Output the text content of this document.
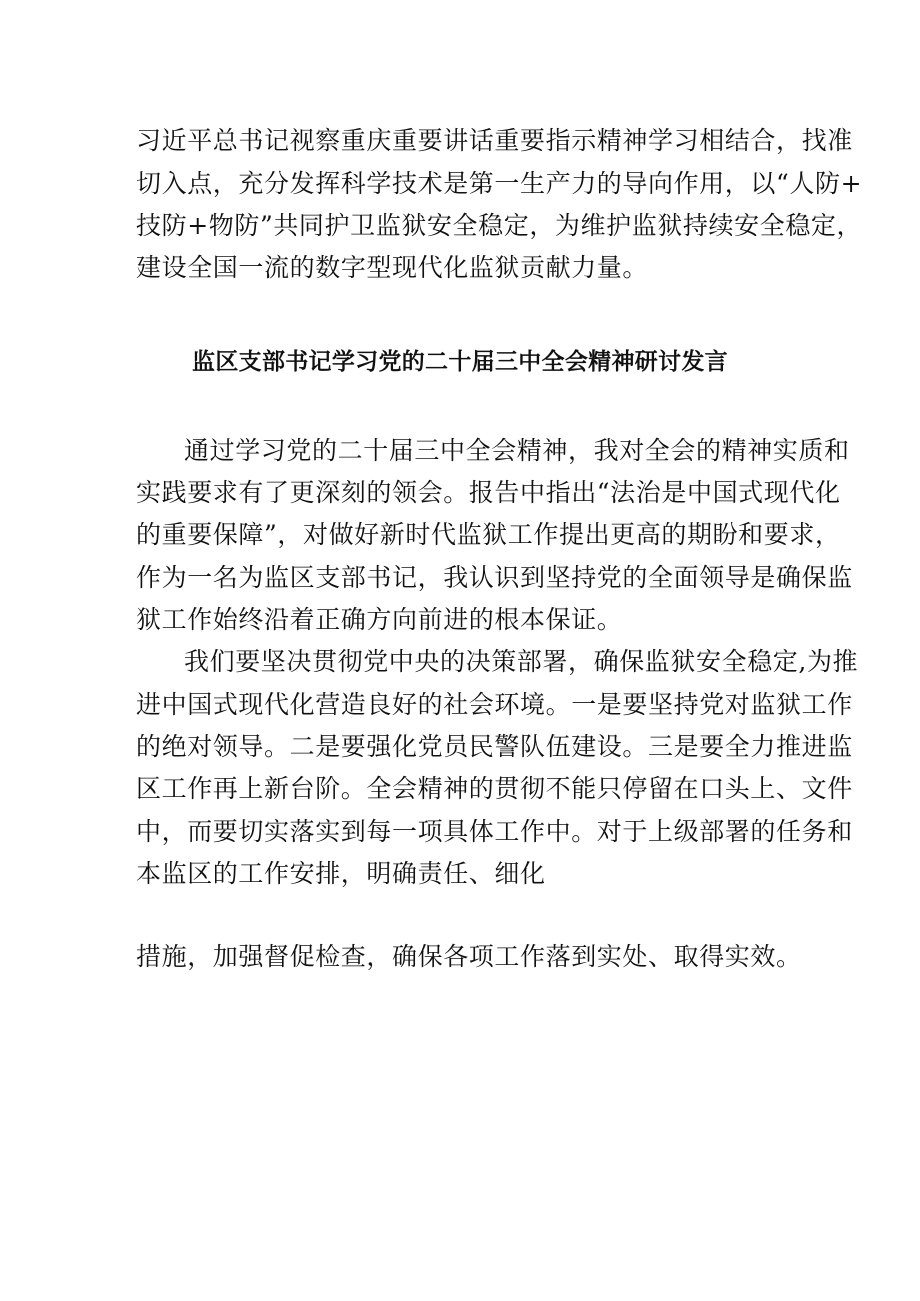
习近平总书记视察重庆重要讲话重要指示精神学习相结合，找准
切入点，充分发挥科学技术是第一生产力的导向作用，以“人防+
技防+物防”共同护卫监狱安全稳定，为维护监狱持续安全稳定，
建设全国一流的数字型现代化监狱贡献力量。
监区支部书记学习党的二十届三中全会精神研讨发言
通过学习党的二十届三中全会精神，我对全会的精神实质和
实践要求有了更深刻的领会。报告中指出“法治是中国式现代化
的重要保障”，对做好新时代监狱工作提出更高的期盼和要求，
作为一名为监区支部书记，我认识到坚持党的全面领导是确保监
狱工作始终沿着正确方向前进的根本保证。
我们要坚决贯彻党中央的决策部署，确保监狱安全稳定,为推
进中国式现代化营造良好的社会环境。一是要坚持党对监狱工作
的绝对领导。二是要强化党员民警队伍建设。三是要全力推进监
区工作再上新台阶。全会精神的贯彻不能只停留在口头上、文件
中，而要切实落实到每一项具体工作中。对于上级部署的任务和
本监区的工作安排，明确责任、细化
措施，加强督促检查，确保各项工作落到实处、取得实效。
